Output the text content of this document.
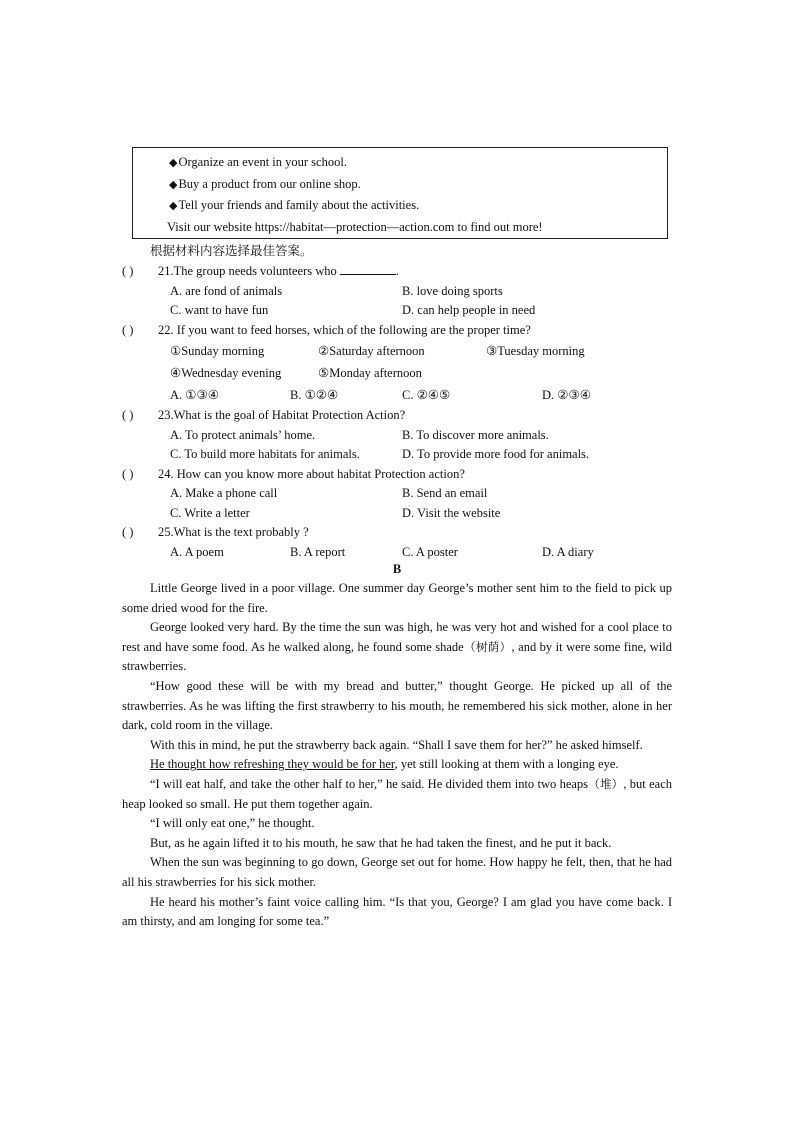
◆Organize an event in your school.
◆Buy a product from our online shop.
◆Tell your friends and family about the activities.
Visit our website https://habitat—protection—action.com to find out more!
根据材料内容选择最佳答案。
( ) 21.The group needs volunteers who	.
A. are fond of animals	B. love doing sports
C. want to have fun	D. can help people in need
( ) 22. If you want to feed horses, which of the following are the proper time?
①Sunday morning	②Saturday afternoon	③Tuesday morning
④Wednesday evening	⑤Monday afternoon
A. ①③④	B. ①②④	C. ②④⑤	D. ②③④
( ) 23.What is the goal of Habitat Protection Action?
A. To protect animals’ home.	B. To discover more animals.
C. To build more habitats for animals.	D. To provide more food for animals.
( ) 24. How can you know more about habitat Protection action?
A. Make a phone call	B. Send an email
C. Write a letter	D. Visit the website
( ) 25.What is the text probably ?
A. A poem	B. A report	C. A poster	D. A diary
B

Little George lived in a poor village. One summer day George’s mother sent him to the field to pick up some dried wood for the fire.

George looked very hard. By the time the sun was high, he was very hot and wished for a cool place to rest and have some food. As he walked along, he found some shade（树荫）, and by it were some fine, wild strawberries.

“How good these will be with my bread and butter,” thought George. He picked up all of the strawberries. As he was lifting the first strawberry to his mouth, he remembered his sick mother, alone in her dark, cold room in the village.

With this in mind, he put the strawberry back again. “Shall I save them for her?” he asked himself.

He thought how refreshing they would be for her, yet still looking at them with a longing eye.

“I will eat half, and take the other half to her,” he said. He divided them into two heaps（堆）, but each heap looked so small. He put them together again.

“I will only eat one,” he thought.

But, as he again lifted it to his mouth, he saw that he had taken the finest, and he put it back.

When the sun was beginning to go down, George set out for home. How happy he felt, then, that he had all his strawberries for his sick mother.

He heard his mother’s faint voice calling him. “Is that you, George? I am glad you have come back. I am thirsty, and am longing for some tea.”
